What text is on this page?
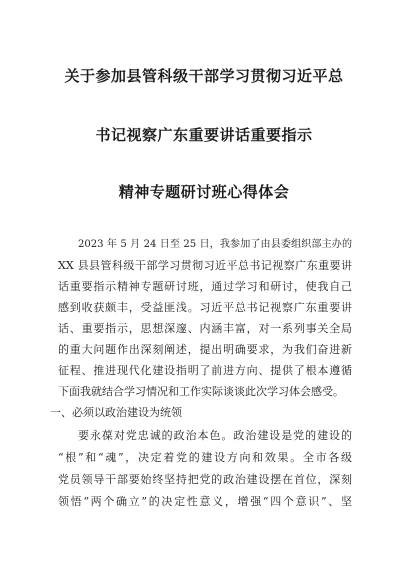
关于参加县管科级干部学习贯彻习近平总
书记视察广东重要讲话重要指示
精神专题研讨班心得体会
2023 年 5 月 24 日至 25 日，我参加了由县委组织部主办的
XX 县县管科级干部学习贯彻习近平总书记视察广东重要讲
话重要指示精神专题研讨班，通过学习和研讨，使我自己
感到收获颇丰，受益匪浅。习近平总书记视察广东重要讲
话、重要指示，思想深邃、内涵丰富，对一系列事关全局
的重大问题作出深刻阐述，提出明确要求，为我们奋进新
征程、推进现代化建设指明了前进方向、提供了根本遵循
下面我就结合学习情况和工作实际谈谈此次学习体会感受。
一、必须以政治建设为统领
要永葆对党忠诚的政治本色。政治建设是党的建设的
“根”和“魂”，决定着党的建设方向和效果。全市各级
党员领导干部要始终坚持把党的政治建设摆在首位，深刻
领悟“两个确立”的决定性意义，增强“四个意识”、坚
